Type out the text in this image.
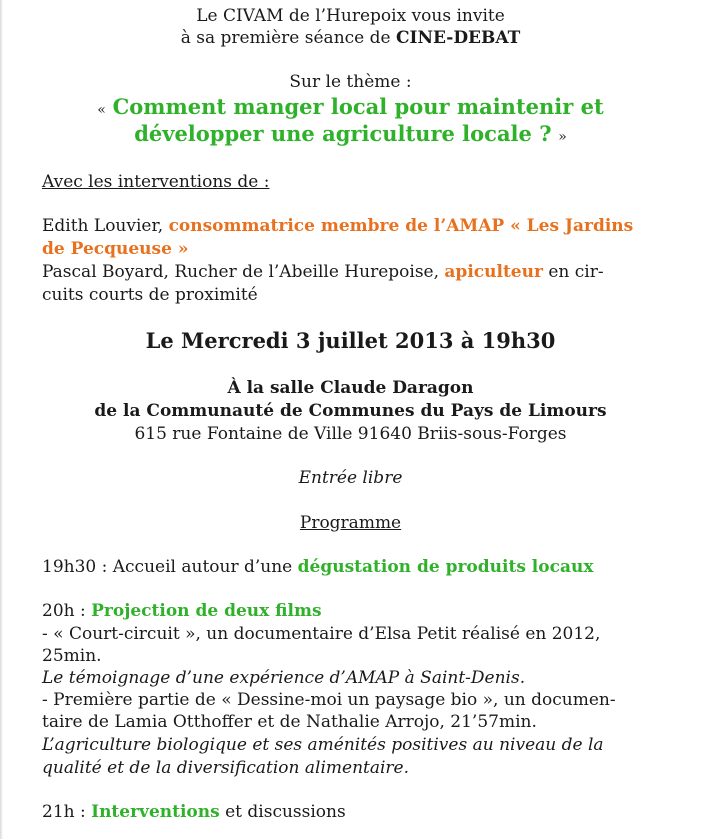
Le CIVAM de l’Hurepoix vous invite
à sa première séance de CINE-DEBAT
Sur le thème :
« Comment manger local pour maintenir et
développer une agriculture locale ? »
Avec les interventions de :
Edith Louvier, consommatrice membre de l’AMAP « Les Jardins
de Pecqueuse »
Pascal Boyard, Rucher de l’Abeille Hurepoise, apiculteur en cir-
cuits courts de proximité
Le Mercredi 3 juillet 2013 à 19h30
À la salle Claude Daragon
de la Communauté de Communes du Pays de Limours
615 rue Fontaine de Ville 91640 Briis-sous-Forges
Entrée libre
Programme
19h30 : Accueil autour d’une dégustation de produits locaux
20h : Projection de deux films
- « Court-circuit », un documentaire d’Elsa Petit réalisé en 2012,
25min.
Le témoignage d’une expérience d’AMAP à Saint-Denis.
- Première partie de « Dessine-moi un paysage bio », un documen-
taire de Lamia Otthoffer et de Nathalie Arrojo, 21’57min.
L’agriculture biologique et ses aménités positives au niveau de la
qualité et de la diversification alimentaire.
21h : Interventions et discussions
